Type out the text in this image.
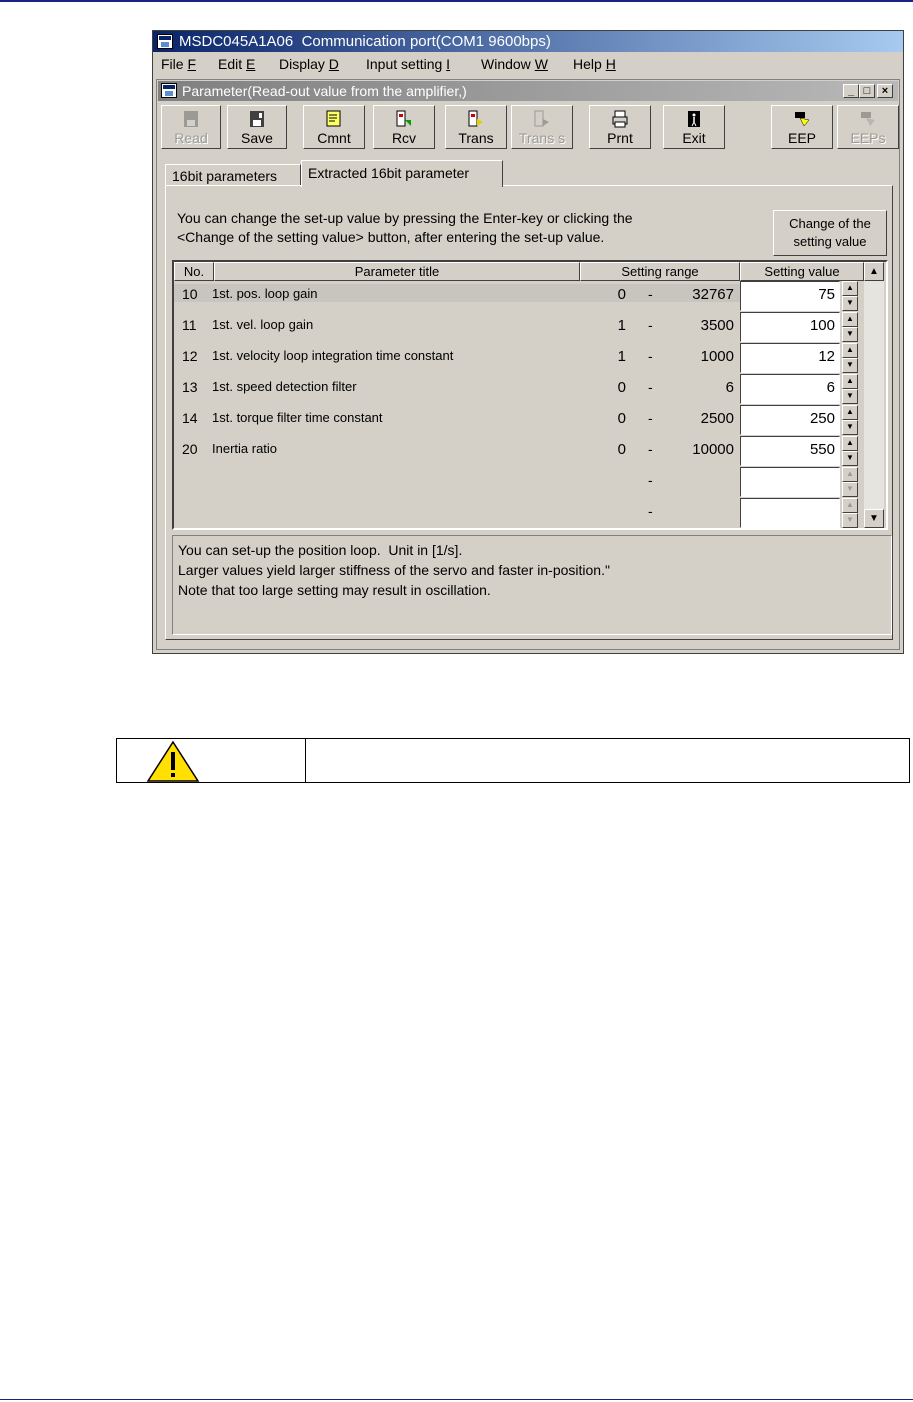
MSDC045A1A06  Communication port(COM1 9600bps)
File F Edit E Display D Input setting I Window W Help H
Parameter(Read-out value from the amplifier,)	_ □	×
Read	Save	Cmnt	Rcv	Trans	Trans s	Prnt	Exit	EEP	EEPs
16bit parameters	Extracted 16bit parameter
You can change the set-up value by pressing the Enter-key or clicking the
<Change of the setting value> button, after entering the set-up value.
Change of the
setting value
No.	Parameter title	Setting range	Setting value
10 1st. pos. loop gain	0 -	32767	75	▲
▼
11 1st. vel. loop gain	1 -	3500	100	▲
▼
12 1st. velocity loop integration time constant	1 -	1000	12	▲
▼
13 1st. speed detection filter	0 -	6	6	▲
▼
14 1st. torque filter time constant	0 -	2500	250	▲
▼
20 Inertia ratio	0 -	10000	550	▲
▼
-	▲
▼
-	▲
▼
▲
▼
You can set-up the position loop.  Unit in [1/s].
Larger values yield larger stiffness of the servo and faster in-position."
Note that too large setting may result in oscillation.
